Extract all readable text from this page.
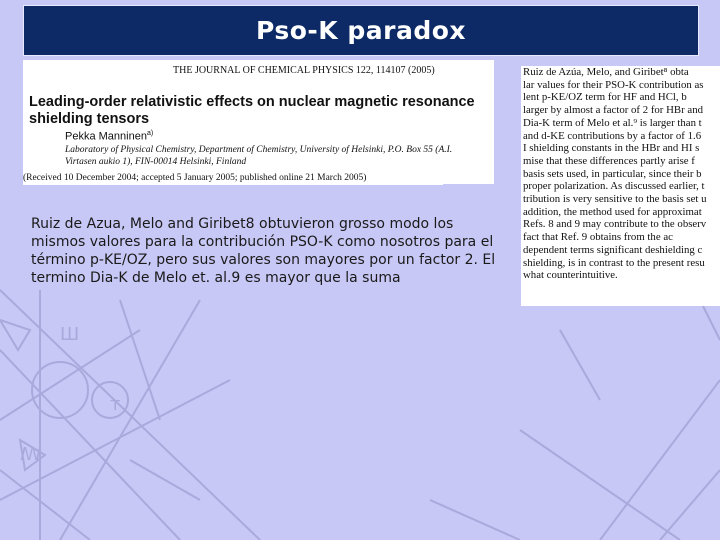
Ш
т
ꟿ
Pso-K paradox
THE JOURNAL OF CHEMICAL PHYSICS 122, 114107 (2005)
Leading-order relativistic effects on nuclear magnetic resonance shielding tensors
Pekka Manninen$^{a)}$
Laboratory of Physical Chemistry, Department of Chemistry, University of Helsinki, P.O. Box 55 (A.I. Virtasen aukio 1), FIN-00014 Helsinki, Finland
(Received 10 December 2004; accepted 5 January 2005; published online 21 March 2005)
Ruiz de Azua, Melo and Giribet8 obtuvieron grosso modo los mismos valores para la contribución PSO-K como nosotros para el término p-KE/OZ, pero sus valores son mayores por un factor 2. El termino Dia-K de Melo et. al.9 es mayor que la suma
Ruiz de Azúa, Melo, and Giribet⁸ obta
lar values for their PSO-K contribution as
lent p-KE/OZ term for HF and HCl, b
larger by almost a factor of 2 for HBr and
Dia-K term of Melo et al.⁹ is larger than t
and d-KE contributions by a factor of 1.6
I shielding constants in the HBr and HI s
mise that these differences partly arise f
basis sets used, in particular, since their b
proper polarization. As discussed earlier, t
tribution is very sensitive to the basis set u
addition, the method used for approximat
Refs. 8 and 9 may contribute to the observ
fact that Ref. 9 obtains from the ac
dependent terms significant deshielding c
shielding, is in contrast to the present resu
what counterintuitive.
